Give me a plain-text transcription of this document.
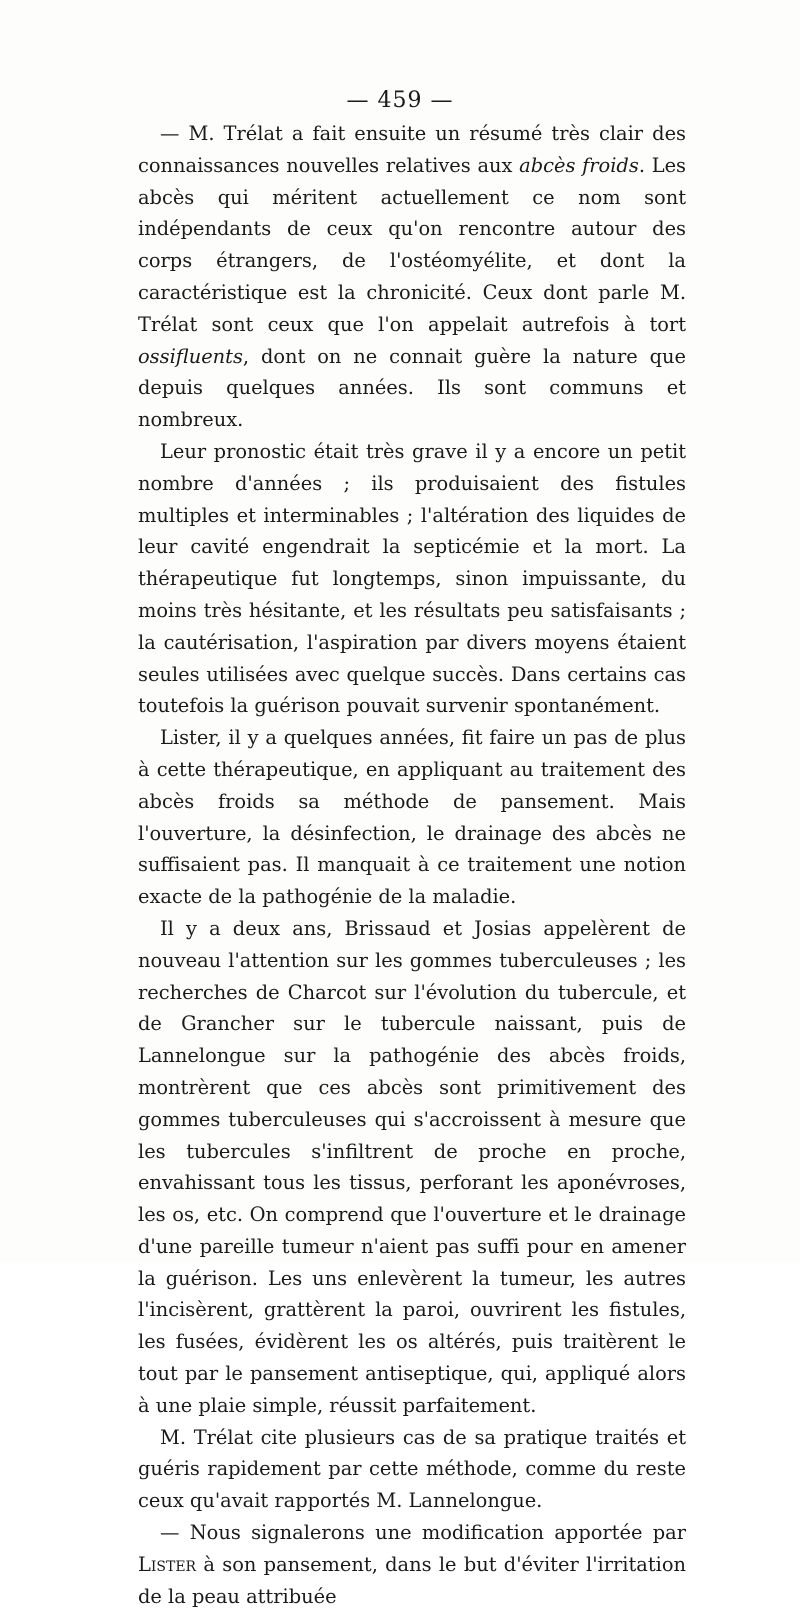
— 459 —

— M. Trélat a fait ensuite un résumé très clair des connaissances nouvelles relatives aux abcès froids. Les abcès qui méritent actuellement ce nom sont indépendants de ceux qu'on rencontre autour des corps étrangers, de l'ostéomyélite, et dont la caractéristique est la chronicité. Ceux dont parle M. Trélat sont ceux que l'on appelait autrefois à tort ossifluents, dont on ne connait guère la nature que depuis quelques années. Ils sont communs et nombreux.

Leur pronostic était très grave il y a encore un petit nombre d'années ; ils produisaient des fistules multiples et interminables ; l'altération des liquides de leur cavité engendrait la septicémie et la mort. La thérapeutique fut longtemps, sinon impuissante, du moins très hésitante, et les résultats peu satisfaisants ; la cautérisation, l'aspiration par divers moyens étaient seules utilisées avec quelque succès. Dans certains cas toutefois la guérison pouvait survenir spontanément.

Lister, il y a quelques années, fit faire un pas de plus à cette thérapeutique, en appliquant au traitement des abcès froids sa méthode de pansement. Mais l'ouverture, la désinfection, le drainage des abcès ne suffisaient pas. Il manquait à ce traitement une notion exacte de la pathogénie de la maladie.

Il y a deux ans, Brissaud et Josias appelèrent de nouveau l'attention sur les gommes tuberculeuses ; les recherches de Charcot sur l'évolution du tubercule, et de Grancher sur le tubercule naissant, puis de Lannelongue sur la pathogénie des abcès froids, montrèrent que ces abcès sont primitivement des gommes tuberculeuses qui s'accroissent à mesure que les tubercules s'infiltrent de proche en proche, envahissant tous les tissus, perforant les aponévroses, les os, etc. On comprend que l'ouverture et le drainage d'une pareille tumeur n'aient pas suffi pour en amener la guérison. Les uns enlevèrent la tumeur, les autres l'incisèrent, grattèrent la paroi, ouvrirent les fistules, les fusées, évidèrent les os altérés, puis traitèrent le tout par le pansement antiseptique, qui, appliqué alors à une plaie simple, réussit parfaitement.

M. Trélat cite plusieurs cas de sa pratique traités et guéris rapidement par cette méthode, comme du reste ceux qu'avait rapportés M. Lannelongue.

— Nous signalerons une modification apportée par Lister à son pansement, dans le but d'éviter l'irritation de la peau attribuée
